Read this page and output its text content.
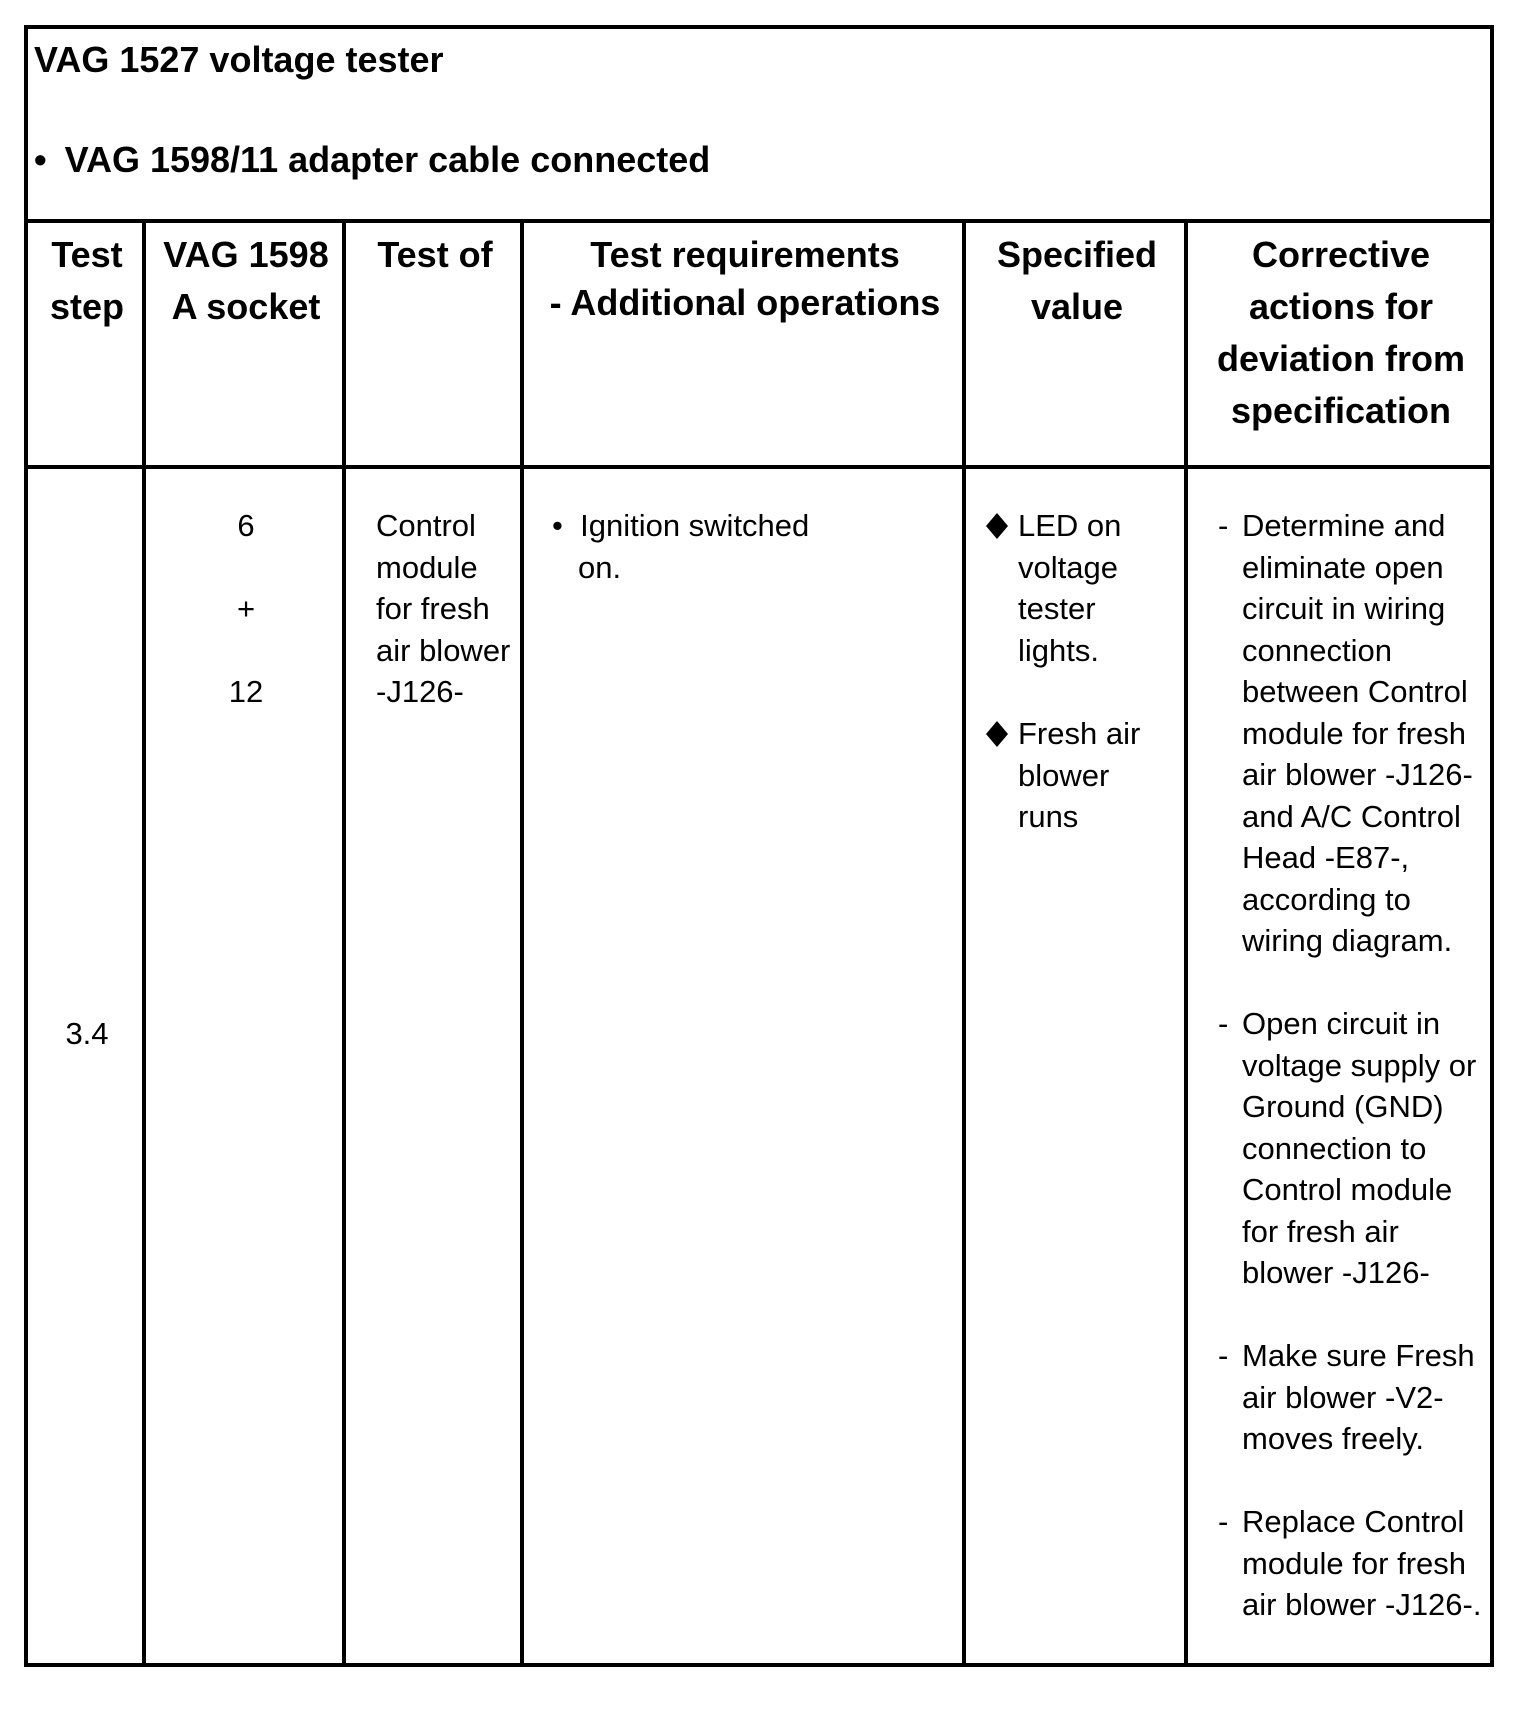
VAG 1527 voltage tester
• VAG 1598/11 adapter cable connected
Test
step
3.4
VAG 1598
A socket
6
+
12
Test of
Control
module
for fresh
air blower
-J126-
Test requirements
- Additional operations
• Ignition switched
on.
Specified
value
LED on
voltage
tester
lights.
Fresh air
blower
runs
Corrective
actions for
deviation from
specification
- Determine and
eliminate open
circuit in wiring
connection
between Control
module for fresh
air blower -J126-
and A/C Control
Head -E87-,
according to
wiring diagram.
- Open circuit in
voltage supply or
Ground (GND)
connection to
Control module
for fresh air
blower -J126-
- Make sure Fresh
air blower -V2-
moves freely.
- Replace Control
module for fresh
air blower -J126-.
